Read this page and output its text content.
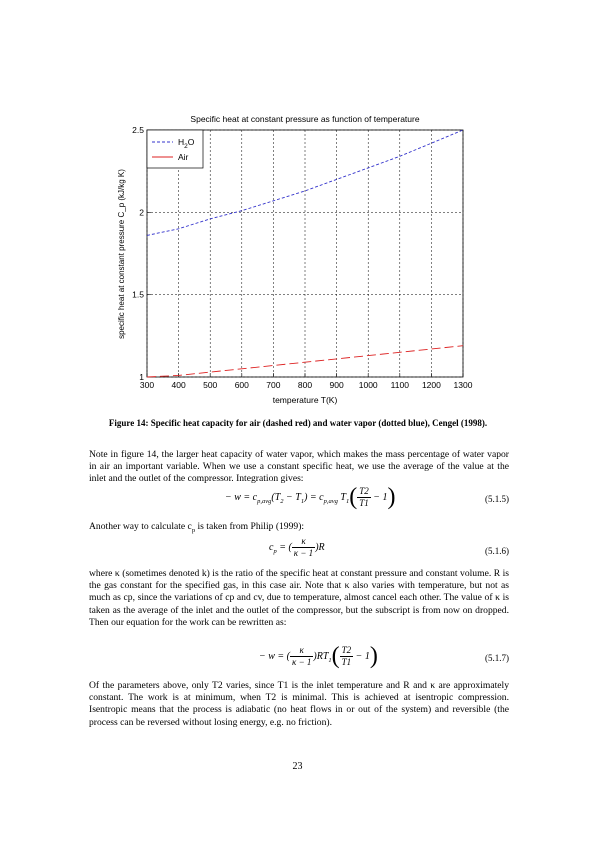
Specific heat at constant pressure as function of temperature
temperature T(K)
specific heat at constant pressure C_p (kJ/kg K)
300 400 500 600 700 800 900 1000 1100 1200 1300
1
1.5
2
2.5
$H_2O$
Air
Figure 14: Specific heat capacity for air (dashed red) and water vapor (dotted blue), Cengel (1998).

Note in figure 14, the larger heat capacity of water vapor, which makes the mass percentage of water vapor in air an important variable. When we use a constant specific heat, we use the average of the value at the inlet and the outlet of the compressor. Integration gives:

− $w = c_{p,avg}(T_2 - T_1) = c_{p,avg}$ $T_1( \frac{T2}{T1} - 1)$	(5.1.5)

Another way to calculate $c_p$ is taken from Philip (1999):

$c_p$ = ( $\frac{\kappa}{\kappa - 1} )R$	(5.1.6)

where κ (sometimes denoted k) is the ratio of the specific heat at constant pressure and constant volume. R is the gas constant for the specified gas, in this case air. Note that κ also varies with temperature, but not as much as cp, since the variations of cp and cv, due to temperature, almost cancel each other. The value of κ is taken as the average of the inlet and the outlet of the compressor, but the subscript is from now on dropped. Then our equation for the work can be rewritten as:

− w = ( $\frac{\kappa}{\kappa - 1} )RT_1( \frac{T2}{T1} - 1)$	(5.1.7)

Of the parameters above, only T2 varies, since T1 is the inlet temperature and R and κ are approximately constant. The work is at minimum, when T2 is minimal. This is achieved at isentropic compression. Isentropic means that the process is adiabatic (no heat flows in or out of the system) and reversible (the process can be reversed without losing energy, e.g. no friction).

23
